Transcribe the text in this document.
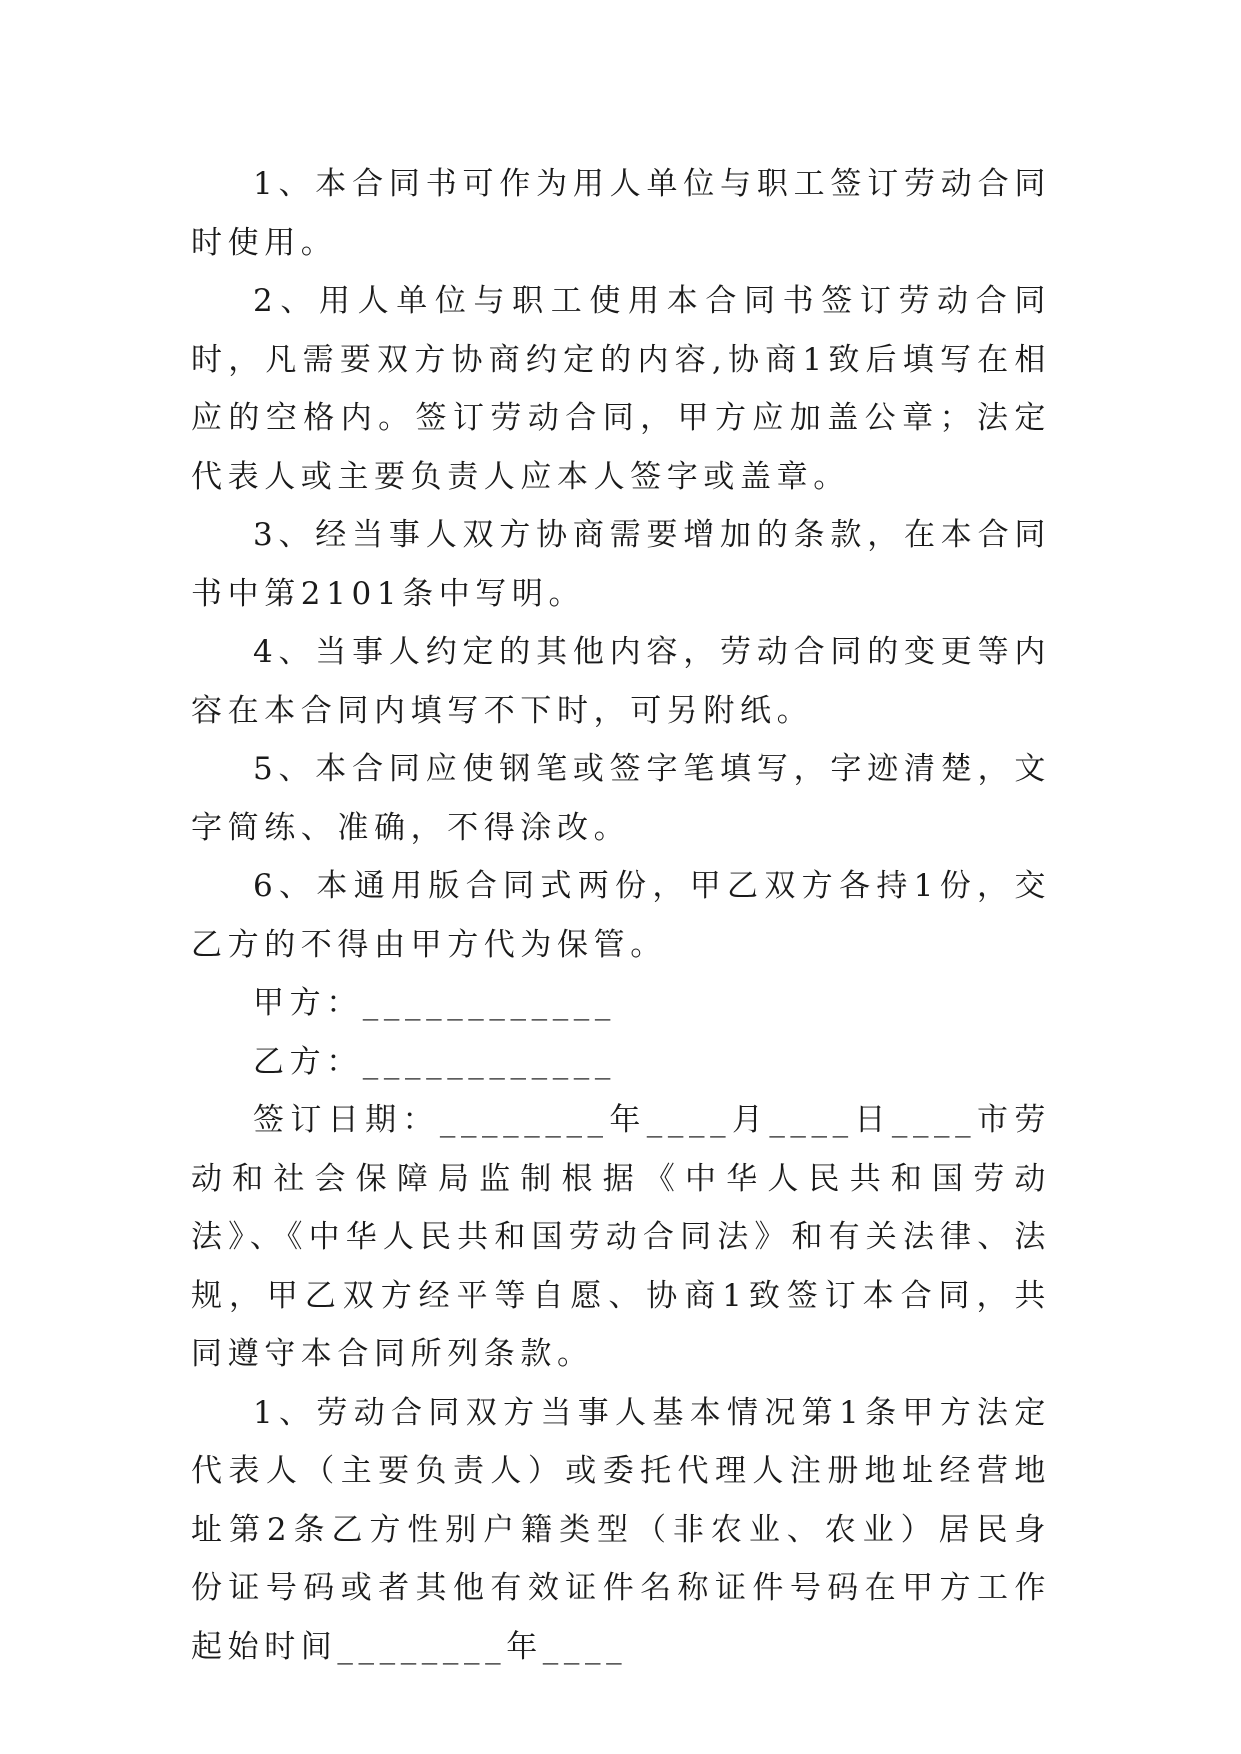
1、本合同书可作为用人单位与职工签订劳动合同时使用。

2、用人单位与职工使用本合同书签订劳动合同时，凡需要双方协商约定的内容,协商1致后填写在相应的空格内。签订劳动合同，甲方应加盖公章；法定代表人或主要负责人应本人签字或盖章。

3、经当事人双方协商需要增加的条款，在本合同书中第2101条中写明。

4、当事人约定的其他内容，劳动合同的变更等内容在本合同内填写不下时，可另附纸。

5、本合同应使钢笔或签字笔填写，字迹清楚，文字简练、准确，不得涂改。

6、本通用版合同式两份，甲乙双方各持1份，交乙方的不得由甲方代为保管。

甲方：____________

乙方：____________

签订日期：________年____月____日____市劳动和社会保障局监制根据《中华人民共和国劳动法》、《中华人民共和国劳动合同法》和有关法律、法规，甲乙双方经平等自愿、协商1致签订本合同，共同遵守本合同所列条款。

1、劳动合同双方当事人基本情况第1条甲方法定代表人（主要负责人）或委托代理人注册地址经营地址第2条乙方性别户籍类型（非农业、农业）居民身份证号码或者其他有效证件名称证件号码在甲方工作起始时间________年____
